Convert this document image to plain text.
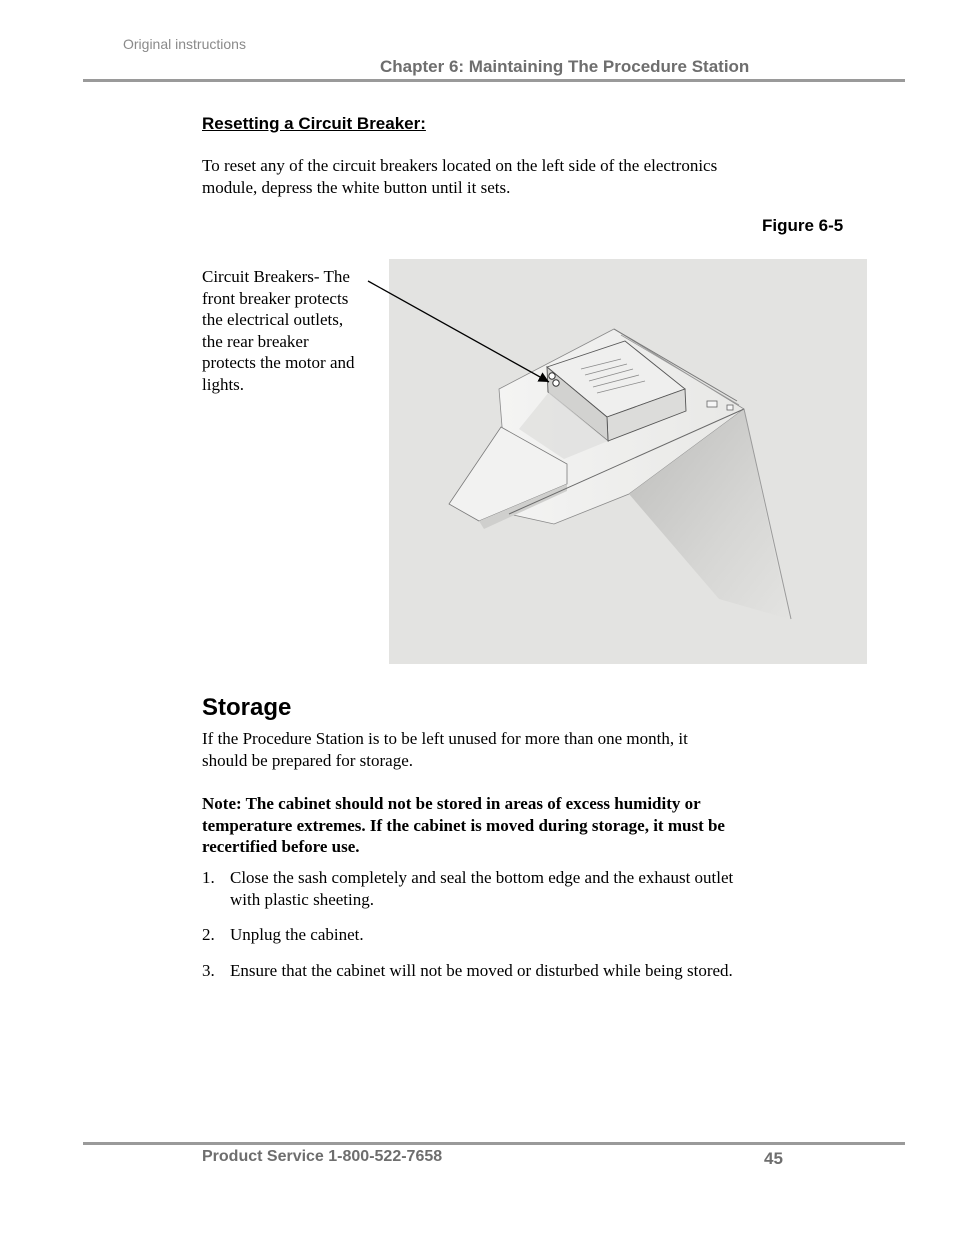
Original instructions
Chapter 6: Maintaining The Procedure Station
Resetting a Circuit Breaker:
To reset any of the circuit breakers located on the left side of the electronics
module, depress the white button until it sets.
Figure 6-5
Circuit Breakers- The
front breaker protects
the electrical outlets,
the rear breaker
protects the motor and
lights.
Storage
If the Procedure Station is to be left unused for more than one month, it
should be prepared for storage.
Note: The cabinet should not be stored in areas of excess humidity or
temperature extremes. If the cabinet is moved during storage, it must be
recertified before use.
1. Close the sash completely and seal the bottom edge and the exhaust outlet
with plastic sheeting.
2. Unplug the cabinet.
3. Ensure that the cabinet will not be moved or disturbed while being stored.
Product Service 1-800-522-7658	45
